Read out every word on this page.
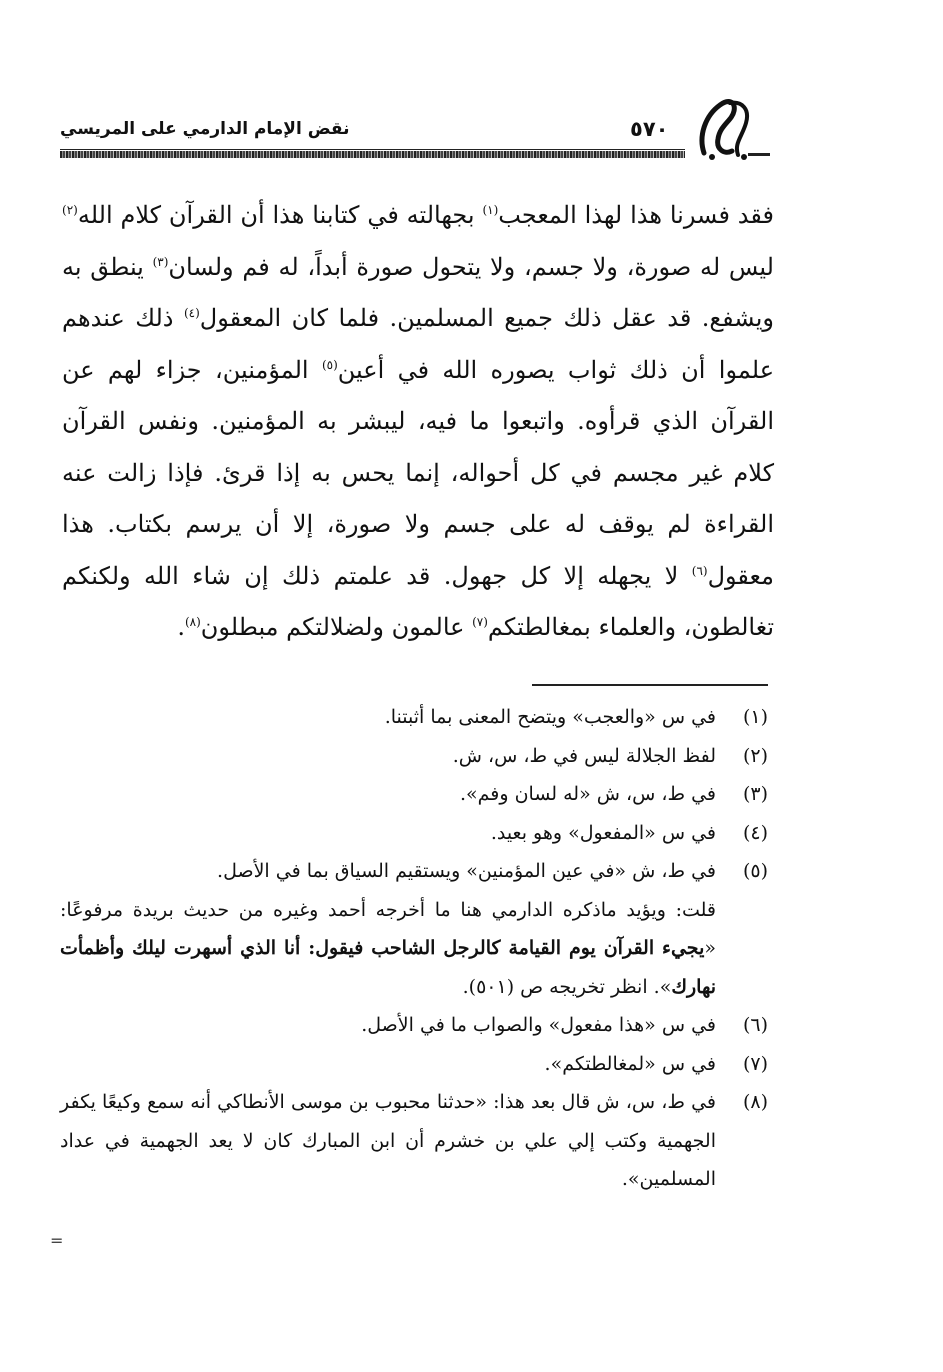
نقض الإمام الدارمي على المريسي	٥٧٠

فقد فسرنا هذا لهذا المعجب$^{(١)}$ بجهالته في كتابنا هذا أن القرآن كلام الله$^{(٢)}$ ليس له صورة، ولا جسم، ولا يتحول صورة أبداً، له فم ولسان$^{(٣)}$ ينطق به ويشفع. قد عقل ذلك جميع المسلمين. فلما كان المعقول$^{(٤)}$ ذلك عندهم علموا أن ذلك ثواب يصوره الله في أعين$^{(٥)}$ المؤمنين، جزاء لهم عن القرآن الذي قرأوه. واتبعوا ما فيه، ليبشر به المؤمنين. ونفس القرآن كلام غير مجسم في كل أحواله، إنما يحس به إذا قرئ. فإذا زالت عنه القراءة لم يوقف له على جسم ولا صورة، إلا أن يرسم بكتاب. هذا معقول$^{(٦)}$ لا يجهله إلا كل جهول. قد علمتم ذلك إن شاء الله ولكنكم تغالطون، والعلماء بمغالطتكم$^{(٧)}$ عالمون ولضلالتكم مبطلون$^{(٨)}$.

(١)
في س «والعجب» ويتضح المعنى بما أثبتنا.
(٢)
لفظ الجلالة ليس في ط، س، ش.
(٣)
في ط، س، ش «له لسان وفم».
(٤)
في س «المفعول» وهو بعيد.
(٥)
في ط، ش «في عين المؤمنين» ويستقيم السياق بما في الأصل.
قلت: ويؤيد ماذكره الدارمي هنا ما أخرجه أحمد وغيره من حديث بريدة مرفوعًا: «يجيء القرآن يوم القيامة كالرجل الشاحب فيقول: أنا الذي أسهرت ليلك وأظمأت نهارك». انظر تخريجه ص (٥٠١).
(٦)
في س «هذا مفعول» والصواب ما في الأصل.
(٧)
في س «لمغالطتكم».
(٨)
في ط، س، ش قال بعد هذا: «حدثنا محبوب بن موسى الأنطاكي أنه سمع وكيعًا يكفر الجهمية وكتب إلي علي بن خشرم أن ابن المبارك كان لا يعد الجهمية في عداد المسلمين».
=
